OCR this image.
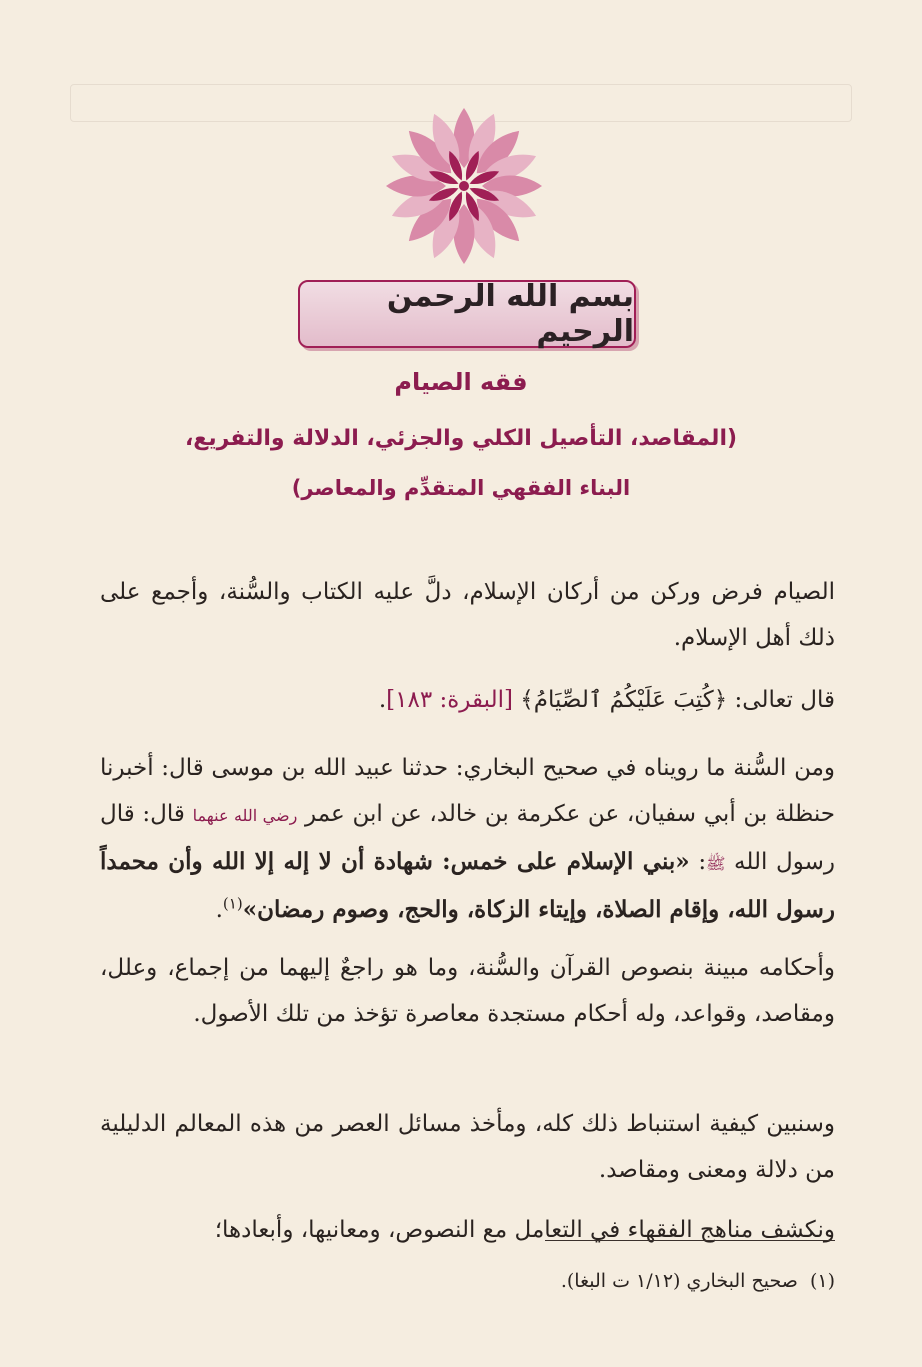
بسم الله الرحمن الرحيم
فقه الصيام
(المقاصد، التأصيل الكلي والجزئي، الدلالة والتفريع،
البناء الفقهي المتقدِّم والمعاصر)

الصيام فرض وركن من أركان الإسلام، دلَّ عليه الكتاب والسُّنة، وأجمع على ذلك أهل الإسلام.

قال تعالى: ﴿كُتِبَ عَلَيْكُمُ ٱلصِّيَامُ﴾ [البقرة: ١٨٣].

ومن السُّنة ما رويناه في صحيح البخاري: حدثنا عبيد الله بن موسى قال: أخبرنا حنظلة بن أبي سفيان، عن عكرمة بن خالد، عن ابن عمر رضي الله عنهما قال: قال رسول الله ﷺ: «بني الإسلام على خمس: شهادة أن لا إله إلا الله وأن محمداً رسول الله، وإقام الصلاة، وإيتاء الزكاة، والحج، وصوم رمضان»$^{(١)}$.

وأحكامه مبينة بنصوص القرآن والسُّنة، وما هو راجعٌ إليهما من إجماع، وعلل، ومقاصد، وقواعد، وله أحكام مستجدة معاصرة تؤخذ من تلك الأصول.

وسنبين كيفية استنباط ذلك كله، ومأخذ مسائل العصر من هذه المعالم الدليلية من دلالة ومعنى ومقاصد.

ونكشف مناهج الفقهاء في التعامل مع النصوص، ومعانيها، وأبعادها؛

(١)  صحيح البخاري (١/١٢ ت البغا).
